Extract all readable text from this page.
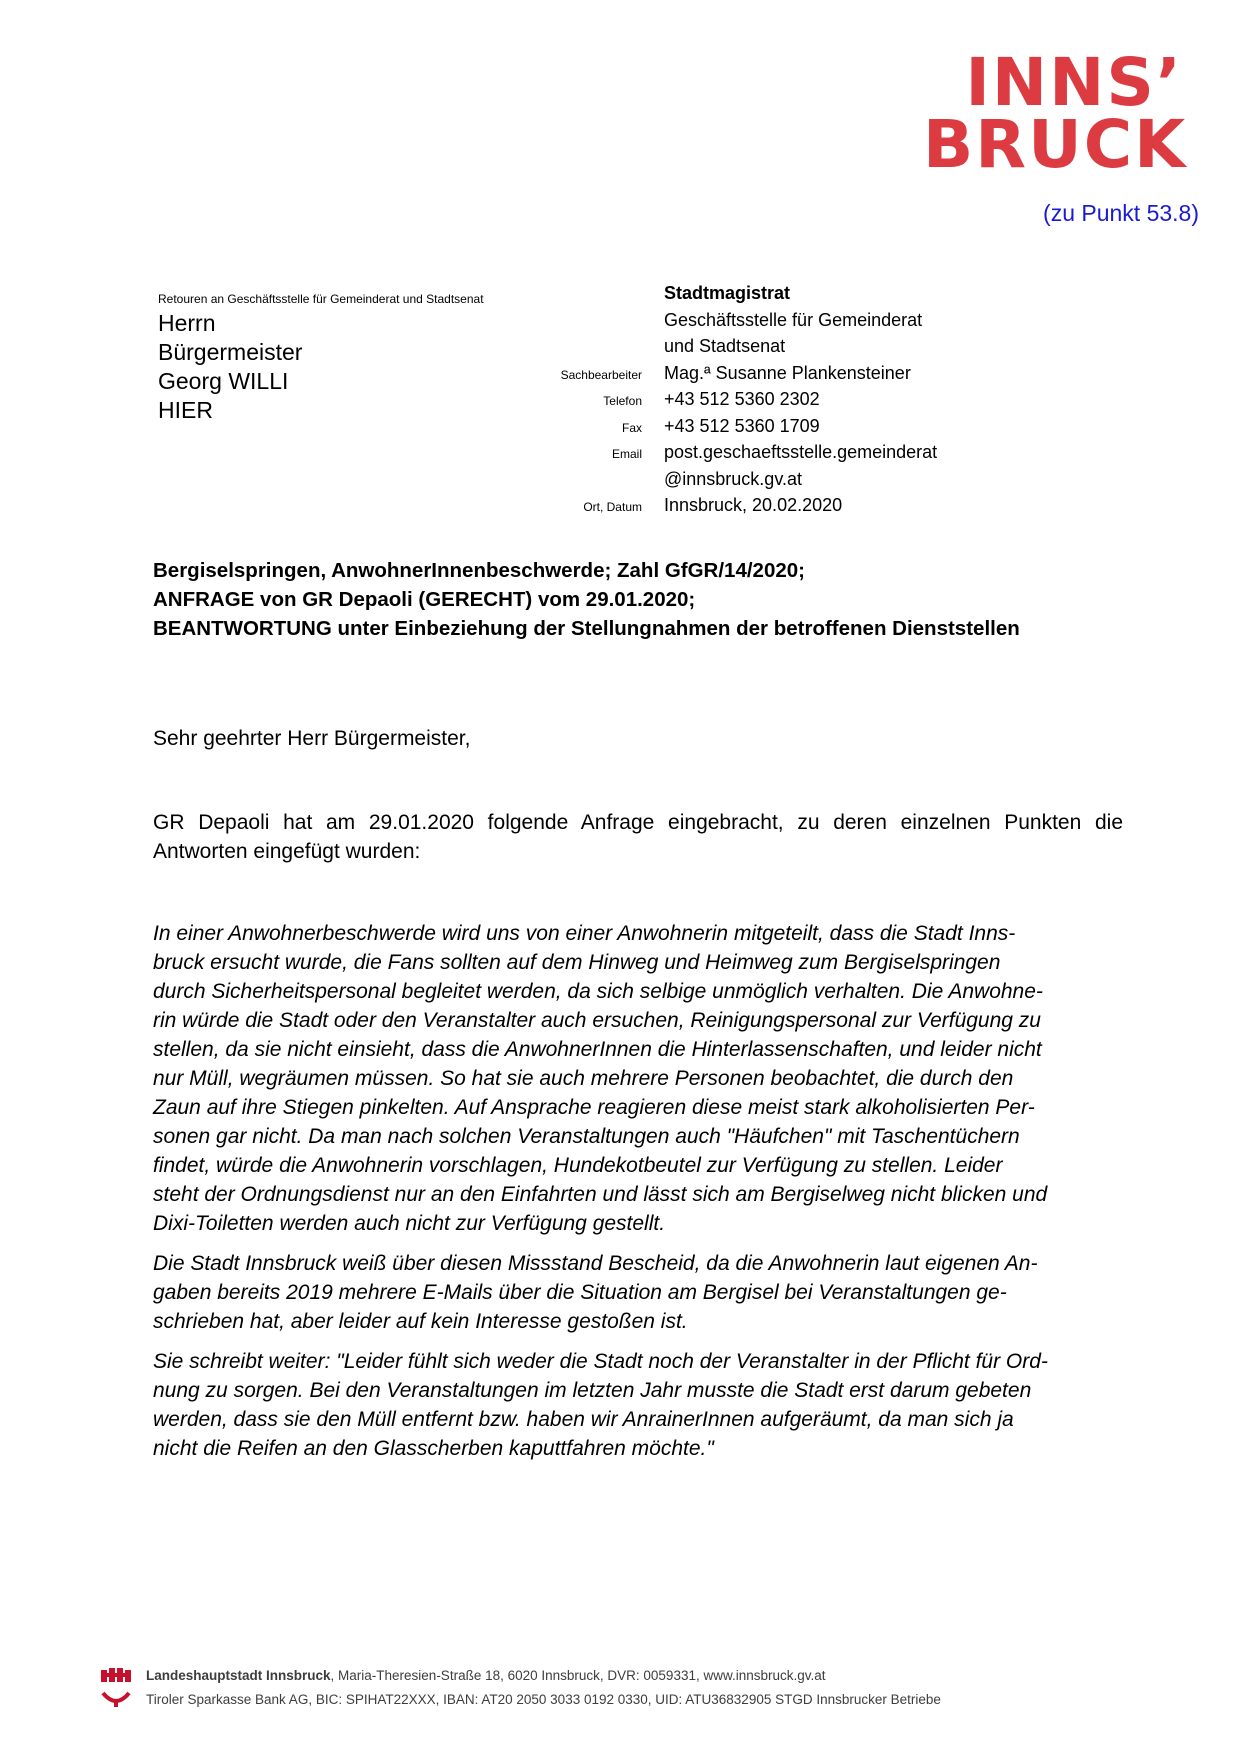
INNS’
BRUCK
(zu Punkt 53.8)
Retouren an Geschäftsstelle für Gemeinderat und Stadtsenat
Herrn
Bürgermeister
Georg WILLI
HIER
Stadtmagistrat
Geschäftsstelle für Gemeinderat
und Stadtsenat
Sachbearbeiter	Mag.ª Susanne Plankensteiner
Telefon	+43 512 5360 2302
Fax	+43 512 5360 1709
Email	post.geschaeftsstelle.gemeinderat
@innsbruck.gv.at
Ort, Datum	Innsbruck, 20.02.2020
Bergiselspringen, AnwohnerInnenbeschwerde; Zahl GfGR/14/2020;
ANFRAGE von GR Depaoli (GERECHT) vom 29.01.2020;
BEANTWORTUNG unter Einbeziehung der Stellungnahmen der betroffenen Dienststellen
Sehr geehrter Herr Bürgermeister,
GR Depaoli hat am 29.01.2020 folgende Anfrage eingebracht, zu deren einzelnen Punkten die Antworten eingefügt wurden:

In einer Anwohnerbeschwerde wird uns von einer Anwohnerin mitgeteilt, dass die Stadt Inns-
bruck ersucht wurde, die Fans sollten auf dem Hinweg und Heimweg zum Bergiselspringen
durch Sicherheitspersonal begleitet werden, da sich selbige unmöglich verhalten. Die Anwohne-
rin würde die Stadt oder den Veranstalter auch ersuchen, Reinigungspersonal zur Verfügung zu
stellen, da sie nicht einsieht, dass die AnwohnerInnen die Hinterlassenschaften, und leider nicht
nur Müll, wegräumen müssen. So hat sie auch mehrere Personen beobachtet, die durch den
Zaun auf ihre Stiegen pinkelten. Auf Ansprache reagieren diese meist stark alkoholisierten Per-
sonen gar nicht. Da man nach solchen Veranstaltungen auch "Häufchen" mit Taschentüchern
findet, würde die Anwohnerin vorschlagen, Hundekotbeutel zur Verfügung zu stellen. Leider
steht der Ordnungsdienst nur an den Einfahrten und lässt sich am Bergiselweg nicht blicken und
Dixi-Toiletten werden auch nicht zur Verfügung gestellt.

Die Stadt Innsbruck weiß über diesen Missstand Bescheid, da die Anwohnerin laut eigenen An-
gaben bereits 2019 mehrere E-Mails über die Situation am Bergisel bei Veranstaltungen ge-
schrieben hat, aber leider auf kein Interesse gestoßen ist.

Sie schreibt weiter: "Leider fühlt sich weder die Stadt noch der Veranstalter in der Pflicht für Ord-
nung zu sorgen. Bei den Veranstaltungen im letzten Jahr musste die Stadt erst darum gebeten
werden, dass sie den Müll entfernt bzw. haben wir AnrainerInnen aufgeräumt, da man sich ja
nicht die Reifen an den Glasscherben kaputtfahren möchte."

Landeshauptstadt Innsbruck , Maria-Theresien-Straße 18, 6020 Innsbruck, DVR: 0059331, www.innsbruck.gv.at
Tiroler Sparkasse Bank AG, BIC: SPIHAT22XXX, IBAN: AT20 2050 3033 0192 0330, UID: ATU36832905 STGD Innsbrucker Betriebe
